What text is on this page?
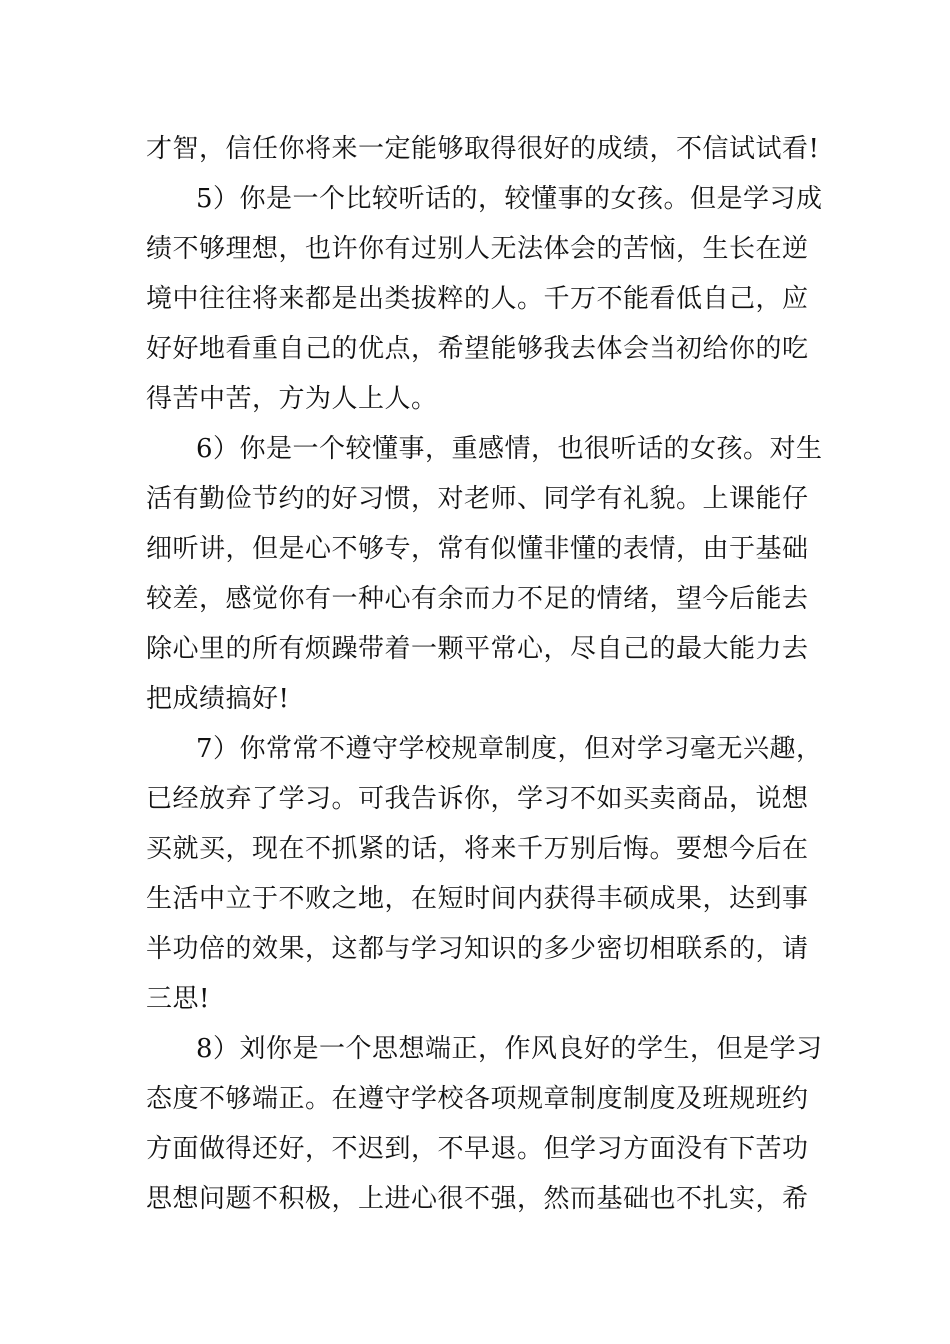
才智，信任你将来一定能够取得很好的成绩，不信试试看!
5）你是一个比较听话的，较懂事的女孩。但是学习成
绩不够理想，也许你有过别人无法体会的苦恼，生长在逆
境中往往将来都是出类拔粹的人。千万不能看低自己，应
好好地看重自己的优点，希望能够我去体会当初给你的吃
得苦中苦，方为人上人。
6）你是一个较懂事，重感情，也很听话的女孩。对生
活有勤俭节约的好习惯，对老师、同学有礼貌。上课能仔
细听讲，但是心不够专，常有似懂非懂的表情，由于基础
较差，感觉你有一种心有余而力不足的情绪，望今后能去
除心里的所有烦躁带着一颗平常心，尽自己的最大能力去
把成绩搞好!
7）你常常不遵守学校规章制度，但对学习毫无兴趣，
已经放弃了学习。可我告诉你，学习不如买卖商品，说想
买就买，现在不抓紧的话，将来千万别后悔。要想今后在
生活中立于不败之地，在短时间内获得丰硕成果，达到事
半功倍的效果，这都与学习知识的多少密切相联系的，请
三思!
8）刘你是一个思想端正，作风良好的学生，但是学习
态度不够端正。在遵守学校各项规章制度制度及班规班约
方面做得还好，不迟到，不早退。但学习方面没有下苦功
思想问题不积极，上进心很不强，然而基础也不扎实，希
